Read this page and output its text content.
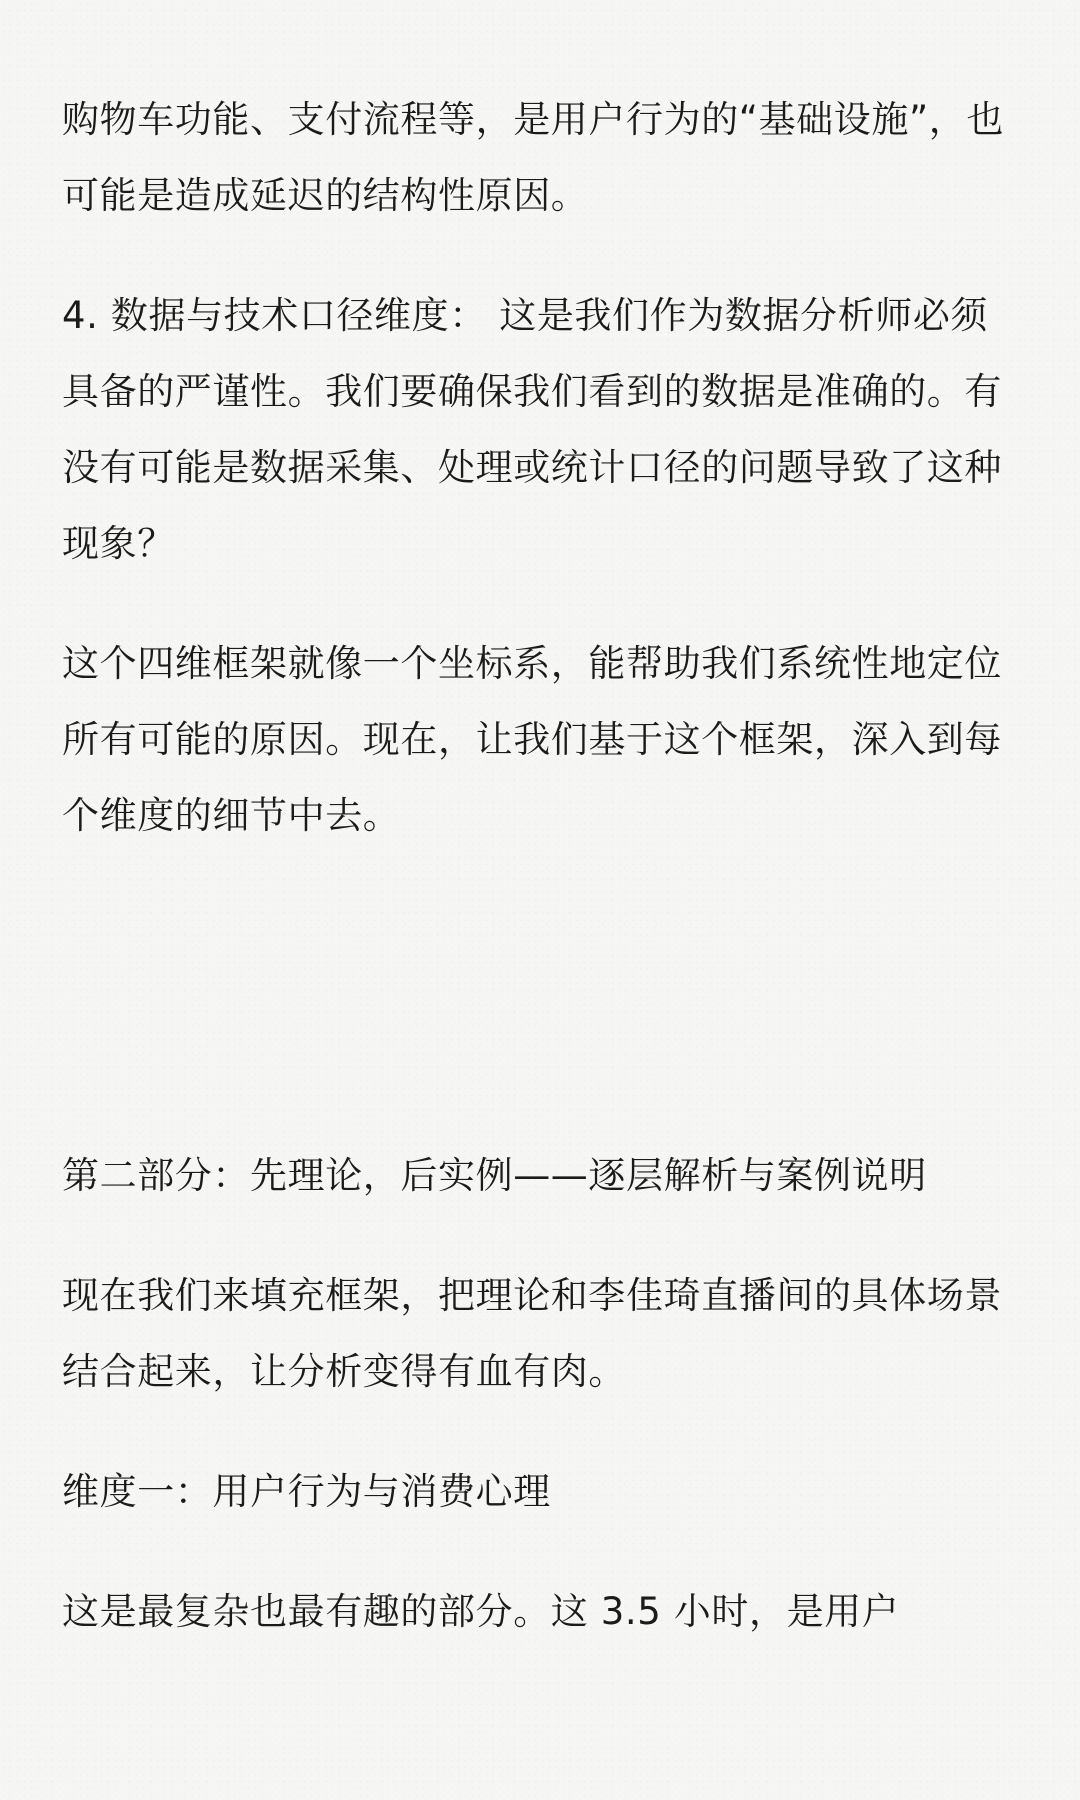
购物车功能、支付流程等，是用户行为的“基础设施”，也可能是造成延迟的结构性原因。

4. 数据与技术口径维度： 这是我们作为数据分析师必须具备的严谨性。我们要确保我们看到的数据是准确的。有没有可能是数据采集、处理或统计口径的问题导致了这种现象？

这个四维框架就像一个坐标系，能帮助我们系统性地定位所有可能的原因。现在，让我们基于这个框架，深入到每个维度的细节中去。

第二部分：先理论，后实例——逐层解析与案例说明

现在我们来填充框架，把理论和李佳琦直播间的具体场景结合起来，让分析变得有血有肉。

维度一：用户行为与消费心理

这是最复杂也最有趣的部分。这 3.5 小时，是用户
